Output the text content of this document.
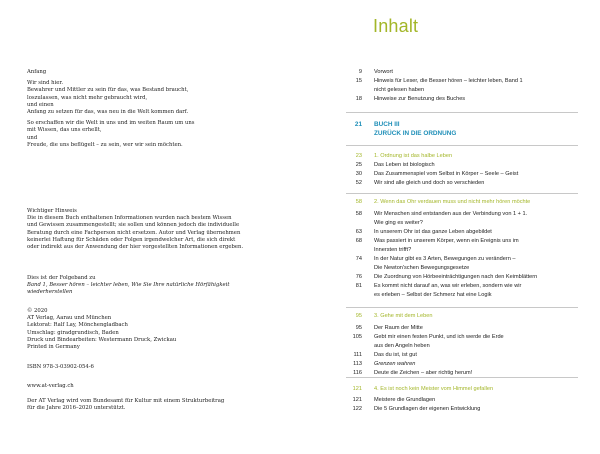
Anfang

Wir sind hier.

Bewahrer und Mittler zu sein für das, was Bestand braucht,

loszulassen, was nicht mehr gebraucht wird,

und einen

Anfang zu setzen für das, was neu in die Welt kommen darf.

So erschaffen wir die Welt in uns und im weiten Raum um uns

mit Wissen, das uns erhellt,

und

Freude, die uns beflügelt – zu sein, wer wir sein möchten.

Wichtiger Hinweis

Die in diesem Buch enthaltenen Informationen wurden nach bestem Wissen

und Gewissen zusammengestellt; sie sollen und können jedoch die individuelle

Beratung durch eine Fachperson nicht ersetzen. Autor und Verlag übernehmen

keinerlei Haftung für Schäden oder Folgen irgendwelcher Art, die sich direkt

oder indirekt aus der Anwendung der hier vorgestellten Informationen ergeben.

Dies ist der Folgeband zu

Band 1, Besser hören – leichter leben, Wie Sie Ihre natürliche Hörfähigkeit

wiederherstellen

© 2020

AT Verlag, Aarau und München

Lektorat: Ralf Lay, Mönchengladbach

Umschlag: giradgrundisch, Baden

Druck und Bindearbeiten: Westermann Druck, Zwickau

Printed in Germany

ISBN 978-3-03902-054-6
www.at-verlag.ch

Der AT Verlag wird vom Bundesamt für Kultur mit einem Strukturbeitrag

für die Jahre 2016–2020 unterstützt.

Inhalt
9 Vorwort
15 Hinweis für Leser, die Besser hören – leichter leben, Band 1
nicht gelesen haben
18 Hinweise zur Benutzung des Buches
21 BUCH III
ZURÜCK IN DIE ORDNUNG
23 1. Ordnung ist das halbe Leben
25 Das Leben ist biologisch
30 Das Zusammenspiel vom Selbst in Körper – Seele – Geist
52 Wir sind alle gleich und doch so verschieden
58 2. Wenn das Ohr verdauen muss und nicht mehr hören möchte
58 Wir Menschen sind entstanden aus der Verbindung von 1 + 1.
Wie ging es weiter?
63 In unserem Ohr ist das ganze Leben abgebildet
68 Was passiert in unserem Körper, wenn ein Ereignis uns im
Innersten trifft?
74 In der Natur gibt es 3 Arten, Bewegungen zu verändern –
Die Newton'schen Bewegungsgesetze
76 Die Zuordnung von Hörbeeinträchtigungen nach den Keimblättern
81 Es kommt nicht darauf an, was wir erleben, sondern wie wir
es erleben – Selbst der Schmerz hat eine Logik
95 3. Gehe mit dem Leben
95 Der Raum der Mitte
105 Gebt mir einen festen Punkt, und ich werde die Erde
aus den Angeln heben
111 Das du ist, ist gut
113 Grenzen wahren
116 Deute die Zeichen – aber richtig herum!
121 4. Es ist noch kein Meister vom Himmel gefallen
121 Meistere die Grundlagen
122 Die 5 Grundlagen der eigenen Entwicklung
